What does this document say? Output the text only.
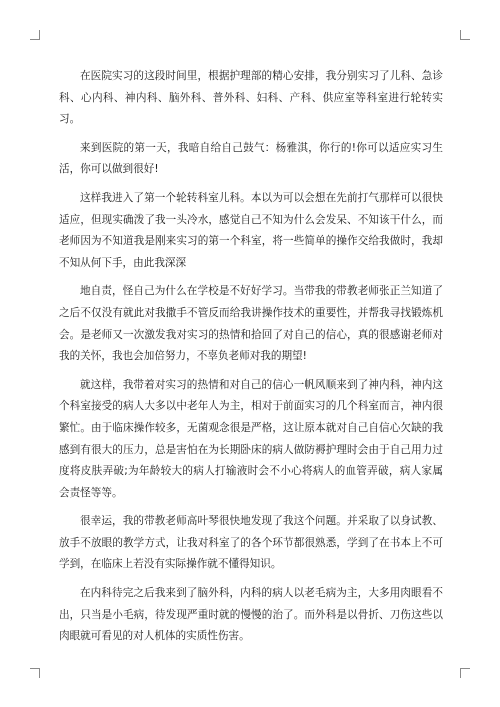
在医院实习的这段时间里，根据护理部的精心安排，我分别实习了儿科、急诊科、心内科、神内科、脑外科、普外科、妇科、产科、供应室等科室进行轮转实习。

来到医院的第一天，我暗自给自己鼓气：杨雅淇，你行的!你可以适应实习生活，你可以做到很好!

这样我进入了第一个轮转科室儿科。本以为可以会想在先前打气那样可以很快适应，但现实确泼了我一头冷水，感觉自己不知为什么会发呆、不知该干什么，而老师因为不知道我是刚来实习的第一个科室，将一些简单的操作交给我做时，我却不知从何下手，由此我深深

地自责，怪自己为什么在学校是不好好学习。当带我的带教老师张正兰知道了之后不仅没有就此对我撒手不管反而给我讲操作技术的重要性，并帮我寻找锻炼机会。是老师又一次激发我对实习的热情和拾回了对自己的信心，真的很感谢老师对我的关怀，我也会加倍努力，不辜负老师对我的期望!

就这样，我带着对实习的热情和对自己的信心一帆风顺来到了神内科，神内这个科室接受的病人大多以中老年人为主，相对于前面实习的几个科室而言，神内很繁忙。由于临床操作较多，无菌观念很是严格，这让原本就对自己自信心欠缺的我感到有很大的压力，总是害怕在为长期卧床的病人做防褥护理时会由于自己用力过度将皮肤弄破;为年龄较大的病人打输液时会不小心将病人的血管弄破，病人家属会责怪等等。

很幸运，我的带教老师高叶琴很快地发现了我这个问题。并采取了以身试教、放手不放眼的教学方式，让我对科室了的各个环节都很熟悉，学到了在书本上不可学到，在临床上若没有实际操作就不懂得知识。

在内科待完之后我来到了脑外科，内科的病人以老毛病为主，大多用肉眼看不出，只当是小毛病，待发现严重时就的慢慢的治了。而外科是以骨折、刀伤这些以肉眼就可看见的对人机体的实质性伤害。
